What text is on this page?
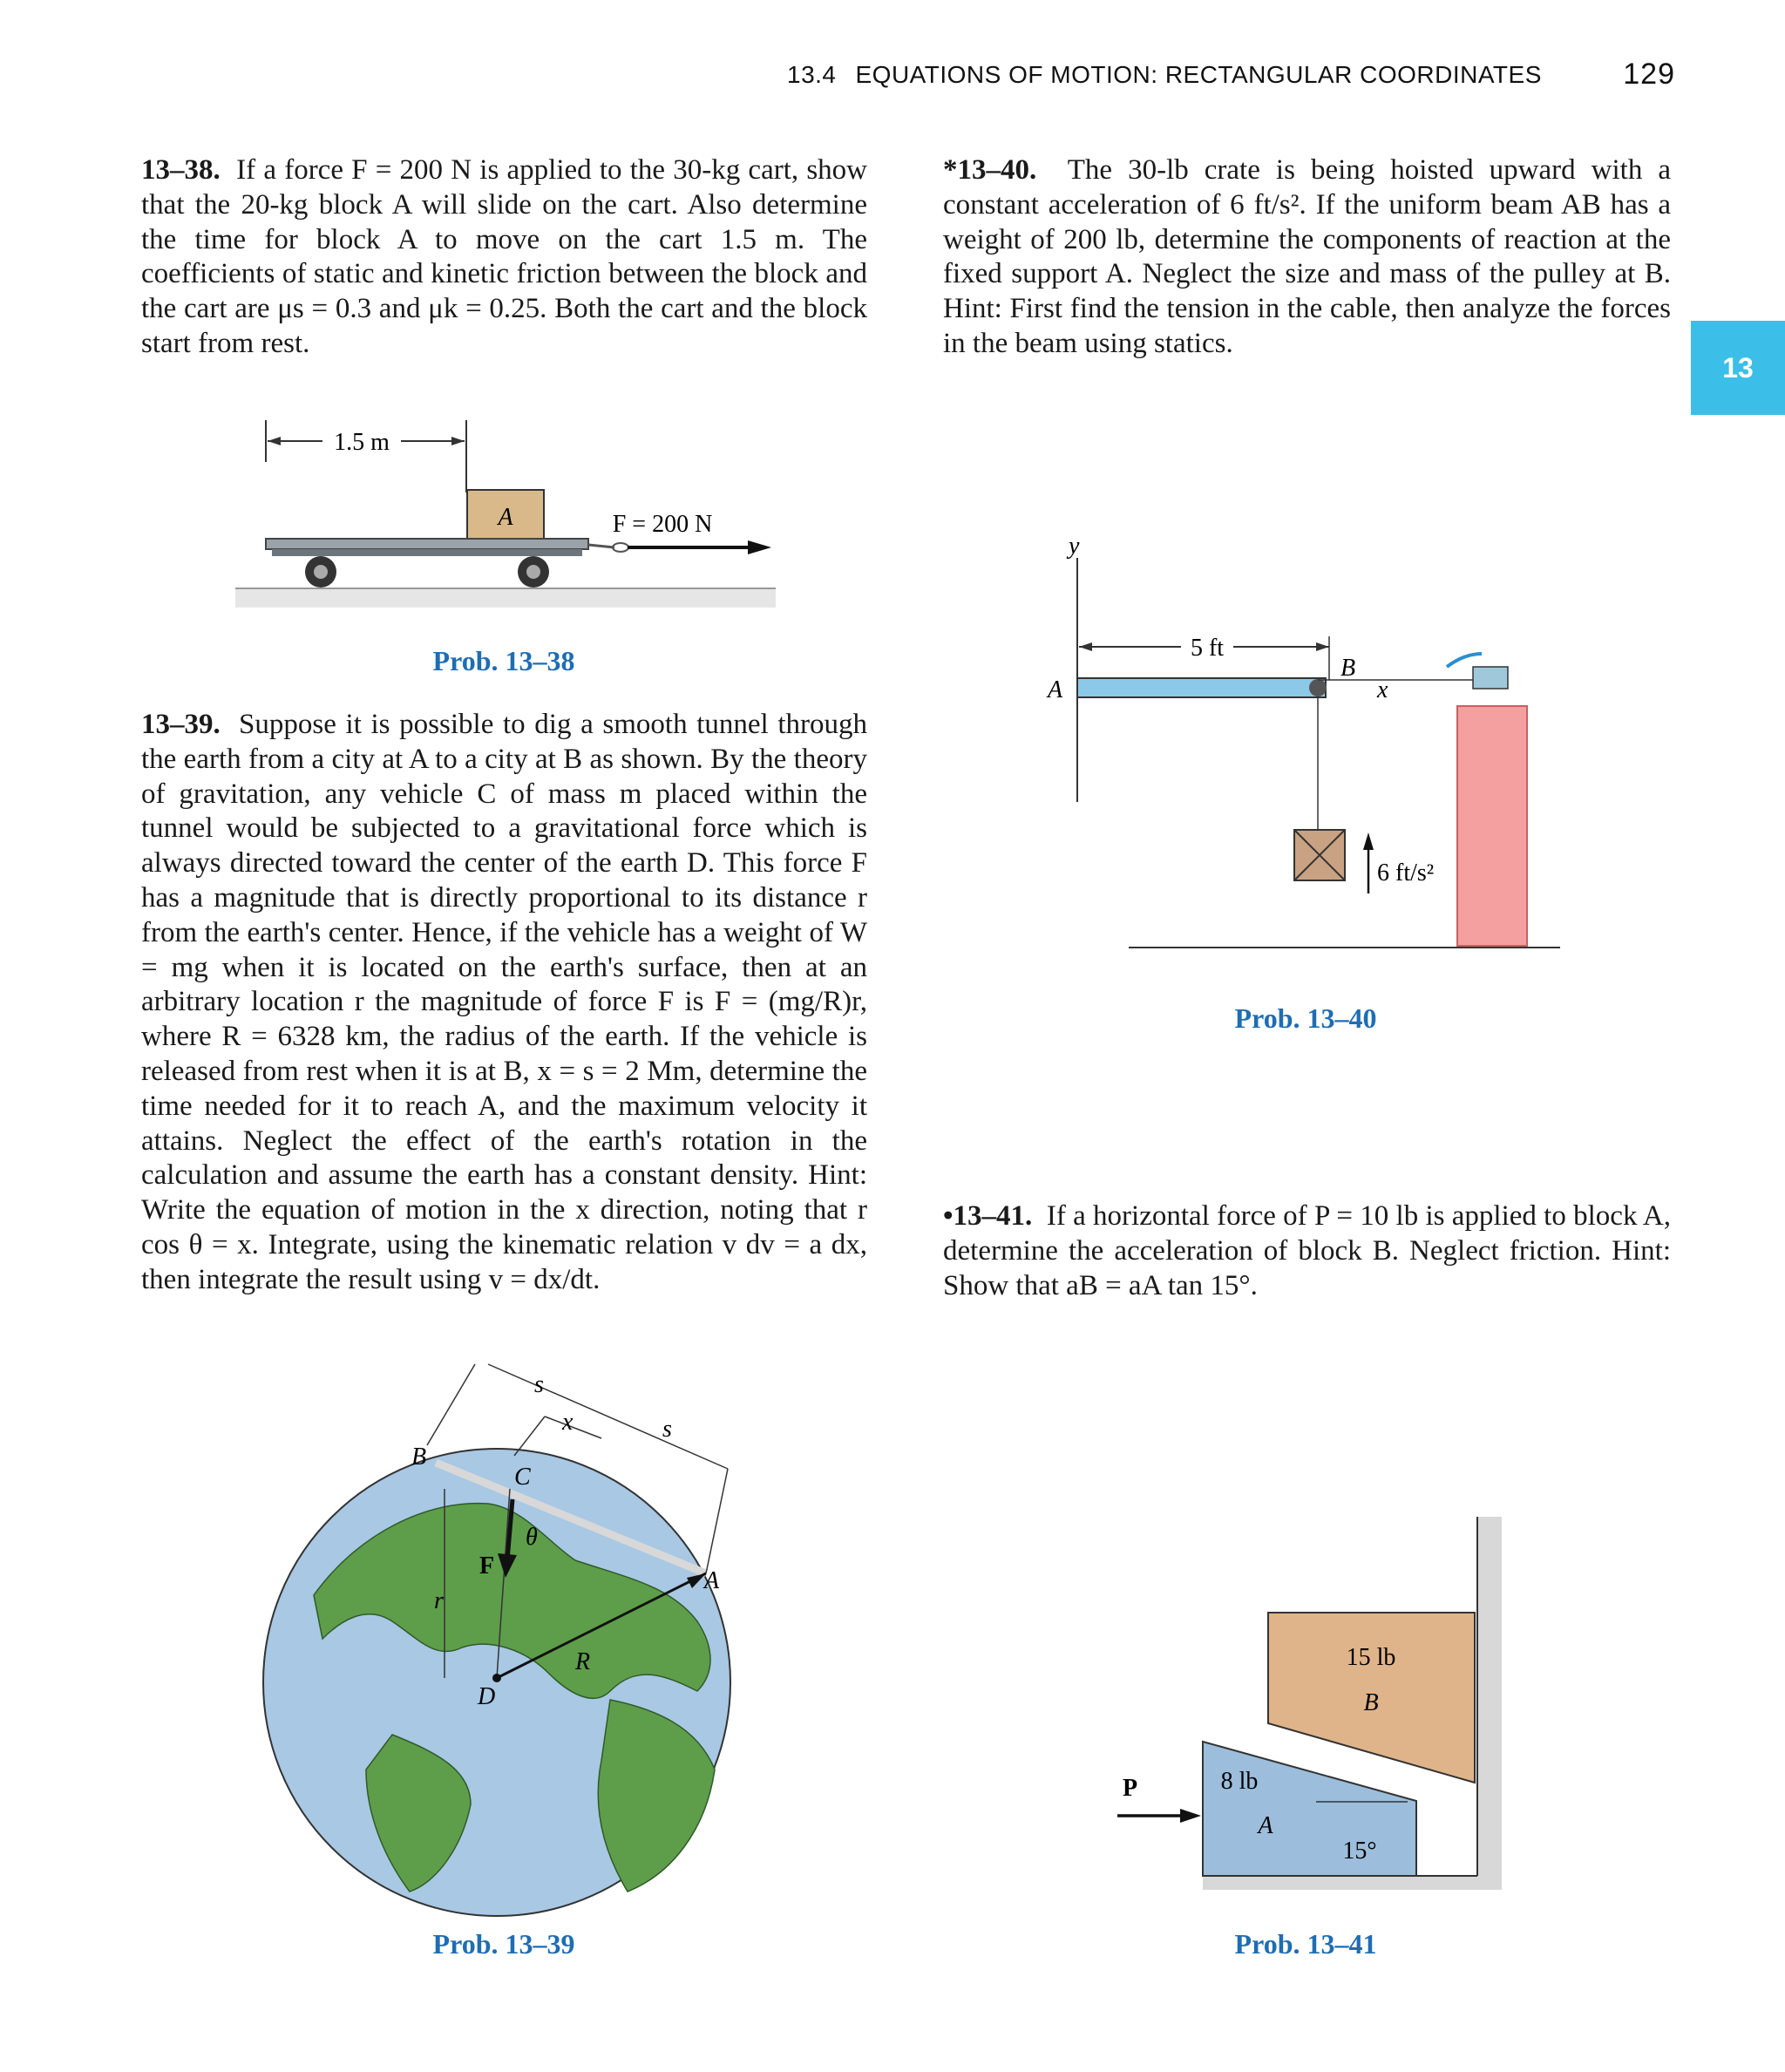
13.4 EQUATIONS OF MOTION: RECTANGULAR COORDINATES	129
13
13–38. If a force F = 200 N is applied to the 30-kg cart, show that the 20-kg block A will slide on the cart. Also determine the time for block A to move on the cart 1.5 m. The coefficients of static and kinetic friction between the block and the cart are μs = 0.3 and μk = 0.25. Both the cart and the block start from rest.
1.5 m
A	F = 200 N
Prob. 13–38
13–39. Suppose it is possible to dig a smooth tunnel through the earth from a city at A to a city at B as shown. By the theory of gravitation, any vehicle C of mass m placed within the tunnel would be subjected to a gravitational force which is always directed toward the center of the earth D. This force F has a magnitude that is directly proportional to its distance r from the earth's center. Hence, if the vehicle has a weight of W = mg when it is located on the earth's surface, then at an arbitrary location r the magnitude of force F is F = (mg/R)r, where R = 6328 km, the radius of the earth. If the vehicle is released from rest when it is at B, x = s = 2 Mm, determine the time needed for it to reach A, and the maximum velocity it attains. Neglect the effect of the earth's rotation in the calculation and assume the earth has a constant density. Hint: Write the equation of motion in the x direction, noting that r cos θ = x. Integrate, using the kinematic relation v dv = a dx, then integrate the result using v = dx/dt.
s
s
x
B
C
A
F
θ
r
R
D
Prob. 13–39
*13–40. The 30-lb crate is being hoisted upward with a constant acceleration of 6 ft/s². If the uniform beam AB has a weight of 200 lb, determine the components of reaction at the fixed support A. Neglect the size and mass of the pulley at B. Hint: First find the tension in the cable, then analyze the forces in the beam using statics.
y
5 ft
A
B
x
6 ft/s²
Prob. 13–40
•13–41. If a horizontal force of P = 10 lb is applied to block A, determine the acceleration of block B. Neglect friction. Hint: Show that aB = aA tan 15°.
15 lb
B
8 lb
A
15°
P
Prob. 13–41
